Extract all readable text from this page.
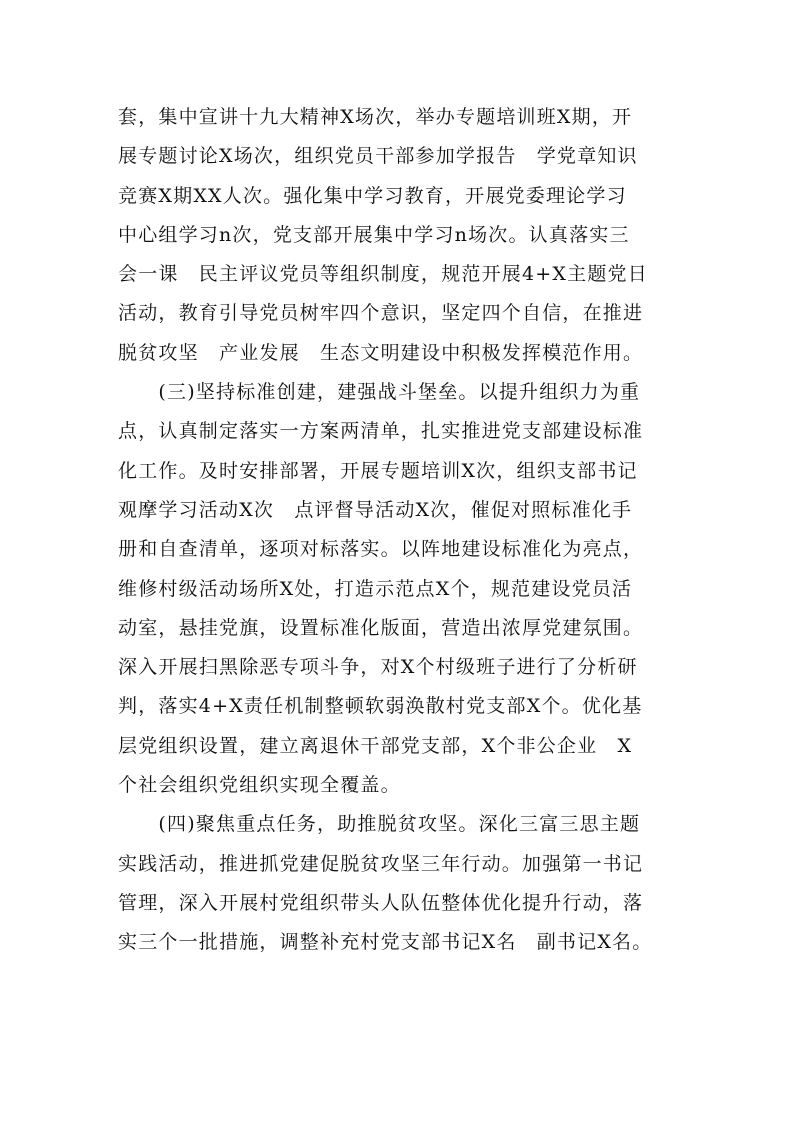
套，集中宣讲十九大精神X场次，举办专题培训班X期，开
展专题讨论X场次，组织党员干部参加学报告　学党章知识
竞赛X期XX人次。强化集中学习教育，开展党委理论学习
中心组学习n次，党支部开展集中学习n场次。认真落实三
会一课　民主评议党员等组织制度，规范开展4+X主题党日
活动，教育引导党员树牢四个意识，坚定四个自信，在推进
脱贫攻坚　产业发展　生态文明建设中积极发挥模范作用。
　　(三)坚持标准创建，建强战斗堡垒。以提升组织力为重
点，认真制定落实一方案两清单，扎实推进党支部建设标准
化工作。及时安排部署，开展专题培训X次，组织支部书记
观摩学习活动X次　点评督导活动X次，催促对照标准化手
册和自查清单，逐项对标落实。以阵地建设标准化为亮点，
维修村级活动场所X处，打造示范点X个，规范建设党员活
动室，悬挂党旗，设置标准化版面，营造出浓厚党建氛围。
深入开展扫黑除恶专项斗争，对X个村级班子进行了分析研
判，落实4+X责任机制整顿软弱涣散村党支部X个。优化基
层党组织设置，建立离退休干部党支部，X个非公企业　X
个社会组织党组织实现全覆盖。
　　(四)聚焦重点任务，助推脱贫攻坚。深化三富三思主题
实践活动，推进抓党建促脱贫攻坚三年行动。加强第一书记
管理，深入开展村党组织带头人队伍整体优化提升行动，落
实三个一批措施，调整补充村党支部书记X名　副书记X名。
